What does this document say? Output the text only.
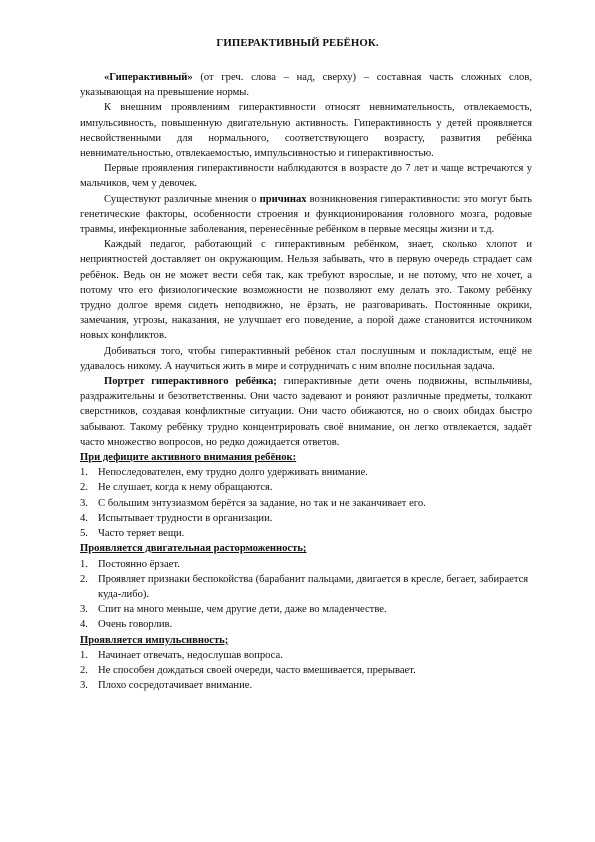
ГИПЕРАКТИВНЫЙ РЕБЁНОК.

«Гиперактивный» (от греч. слова – над, сверху) – составная часть сложных слов, указывающая на превышение нормы.

К внешним проявлениям гиперактивности относят невнимательность, отвлекаемость, импульсивность, повышенную двигательную активность. Гиперактивность у детей проявляется несвойственными для нормального, соответствующего возрасту, развития ребёнка невнимательностью, отвлекаемостью, импульсивностью и гиперактивностью.

Первые проявления гиперактивности наблюдаются в возрасте до 7 лет и чаще встречаются у мальчиков, чем у девочек.

Существуют различные мнения о причинах возникновения гиперактивности: это могут быть генетические факторы, особенности строения и функционирования головного мозга, родовые травмы, инфекционные заболевания, перенесённые ребёнком в первые месяцы жизни и т.д.

Каждый педагог, работающий с гиперактивным ребёнком, знает, сколько хлопот и неприятностей доставляет он окружающим. Нельзя забывать, что в первую очередь страдает сам ребёнок. Ведь он не может вести себя так, как требуют взрослые, и не потому, что не хочет, а потому что его физиологические возможности не позволяют ему делать это. Такому ребёнку трудно долгое время сидеть неподвижно, не ёрзать, не разговаривать. Постоянные окрики, замечания, угрозы, наказания, не улучшает его поведение, а порой даже становится источником новых конфликтов.

Добиваться того, чтобы гиперактивный ребёнок стал послушным и покладистым, ещё не удавалось никому. А научиться жить в мире и сотрудничать с ним вполне посильная задача.

Портрет гиперактивного ребёнка; гиперактивные дети очень подвижны, вспыльчивы, раздражительны и безответственны. Они часто задевают и роняют различные предметы, толкают сверстников, создавая конфликтные ситуации. Они часто обижаются, но о своих обидах быстро забывают. Такому ребёнку трудно концентрировать своё внимание, он легко отвлекается, задаёт часто множество вопросов, но редко дожидается ответов.

При дефиците активного внимания ребёнок:

1. Непоследователен, ему трудно долго удерживать внимание.
2. Не слушает, когда к нему обращаются.
3. С большим энтузиазмом берётся за задание, но так и не заканчивает его.
4. Испытывает трудности в организации.
5. Часто теряет вещи.

Проявляется двигательная расторможенность;

1. Постоянно ёрзает.
2. Проявляет признаки беспокойства (барабанит пальцами, двигается в кресле, бегает, забирается куда-либо).
3. Спит на много меньше, чем другие дети, даже во младенчестве.
4. Очень говорлив.

Проявляется импульсивность;

1. Начинает отвечать, недослушав вопроса.
2. Не способен дождаться своей очереди, часто вмешивается, прерывает.
3. Плохо сосредотачивает внимание.
